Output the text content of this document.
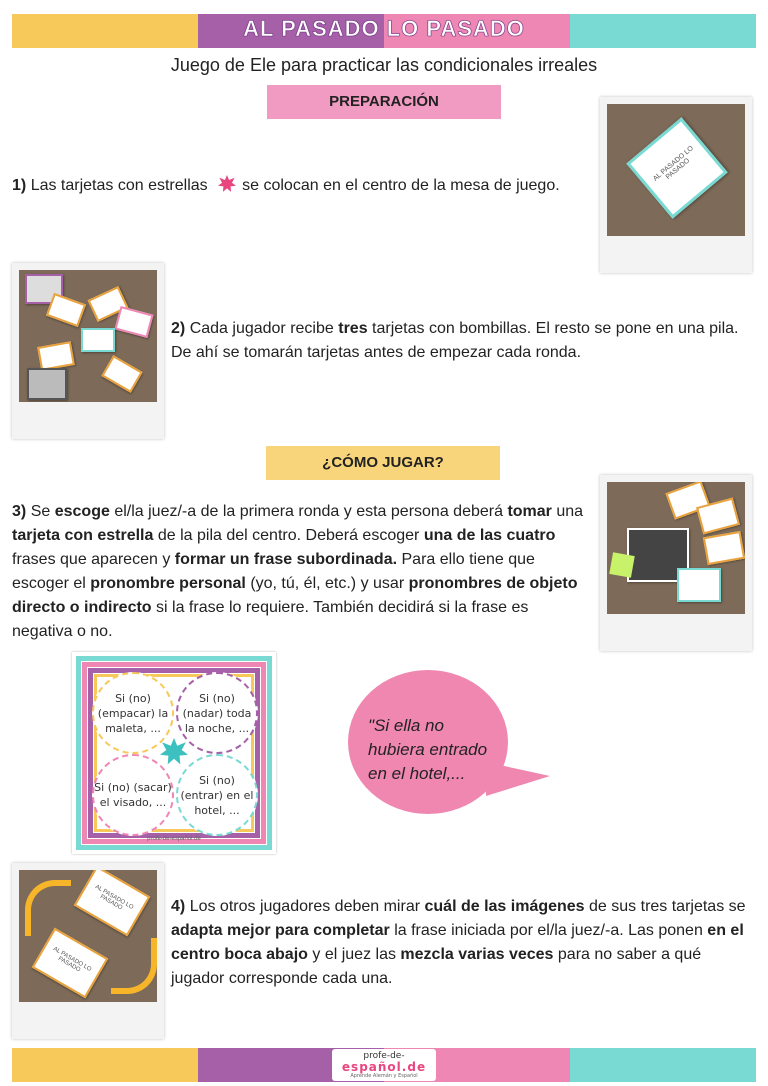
AL PASADO LO PASADO
Juego de Ele para practicar las condicionales irreales
PREPARACIÓN
1) Las tarjetas con estrellas se colocan en el centro de la mesa de juego.
AL PASADO LO PASADO
2) Cada jugador recibe tres tarjetas con bombillas. El resto se pone en una pila. De ahí se tomarán tarjetas antes de empezar cada ronda.
¿CÓMO JUGAR?
3) Se escoge el/la juez/-a de la primera ronda y esta persona deberá tomar una tarjeta con estrella de la pila del centro. Deberá escoger una de las cuatro frases que aparecen y formar un frase subordinada. Para ello tiene que escoger el pronombre personal (yo, tú, él, etc.) y usar pronombres de objeto directo o indirecto si la frase lo requiere. También decidirá si la frase es negativa o no.
Si (no) (empacar) la maleta, ...
Si (no) (nadar) toda la noche, ...
Si (no) (sacar) el visado, ...
Si (no) (entrar) en el hotel, ...
profe-de-español.de
"Si ella no hubiera entrado en el hotel,...
AL PASADO LO PASADO
AL PASADO LO PASADO
4) Los otros jugadores deben mirar cuál de las imágenes de sus tres tarjetas se adapta mejor para completar la frase iniciada por el/la juez/-a. Las ponen en el centro boca abajo y el juez las mezcla varias veces para no saber a qué jugador corresponde cada una.
profe-de-
español.de
Aprende Alemán y Español
